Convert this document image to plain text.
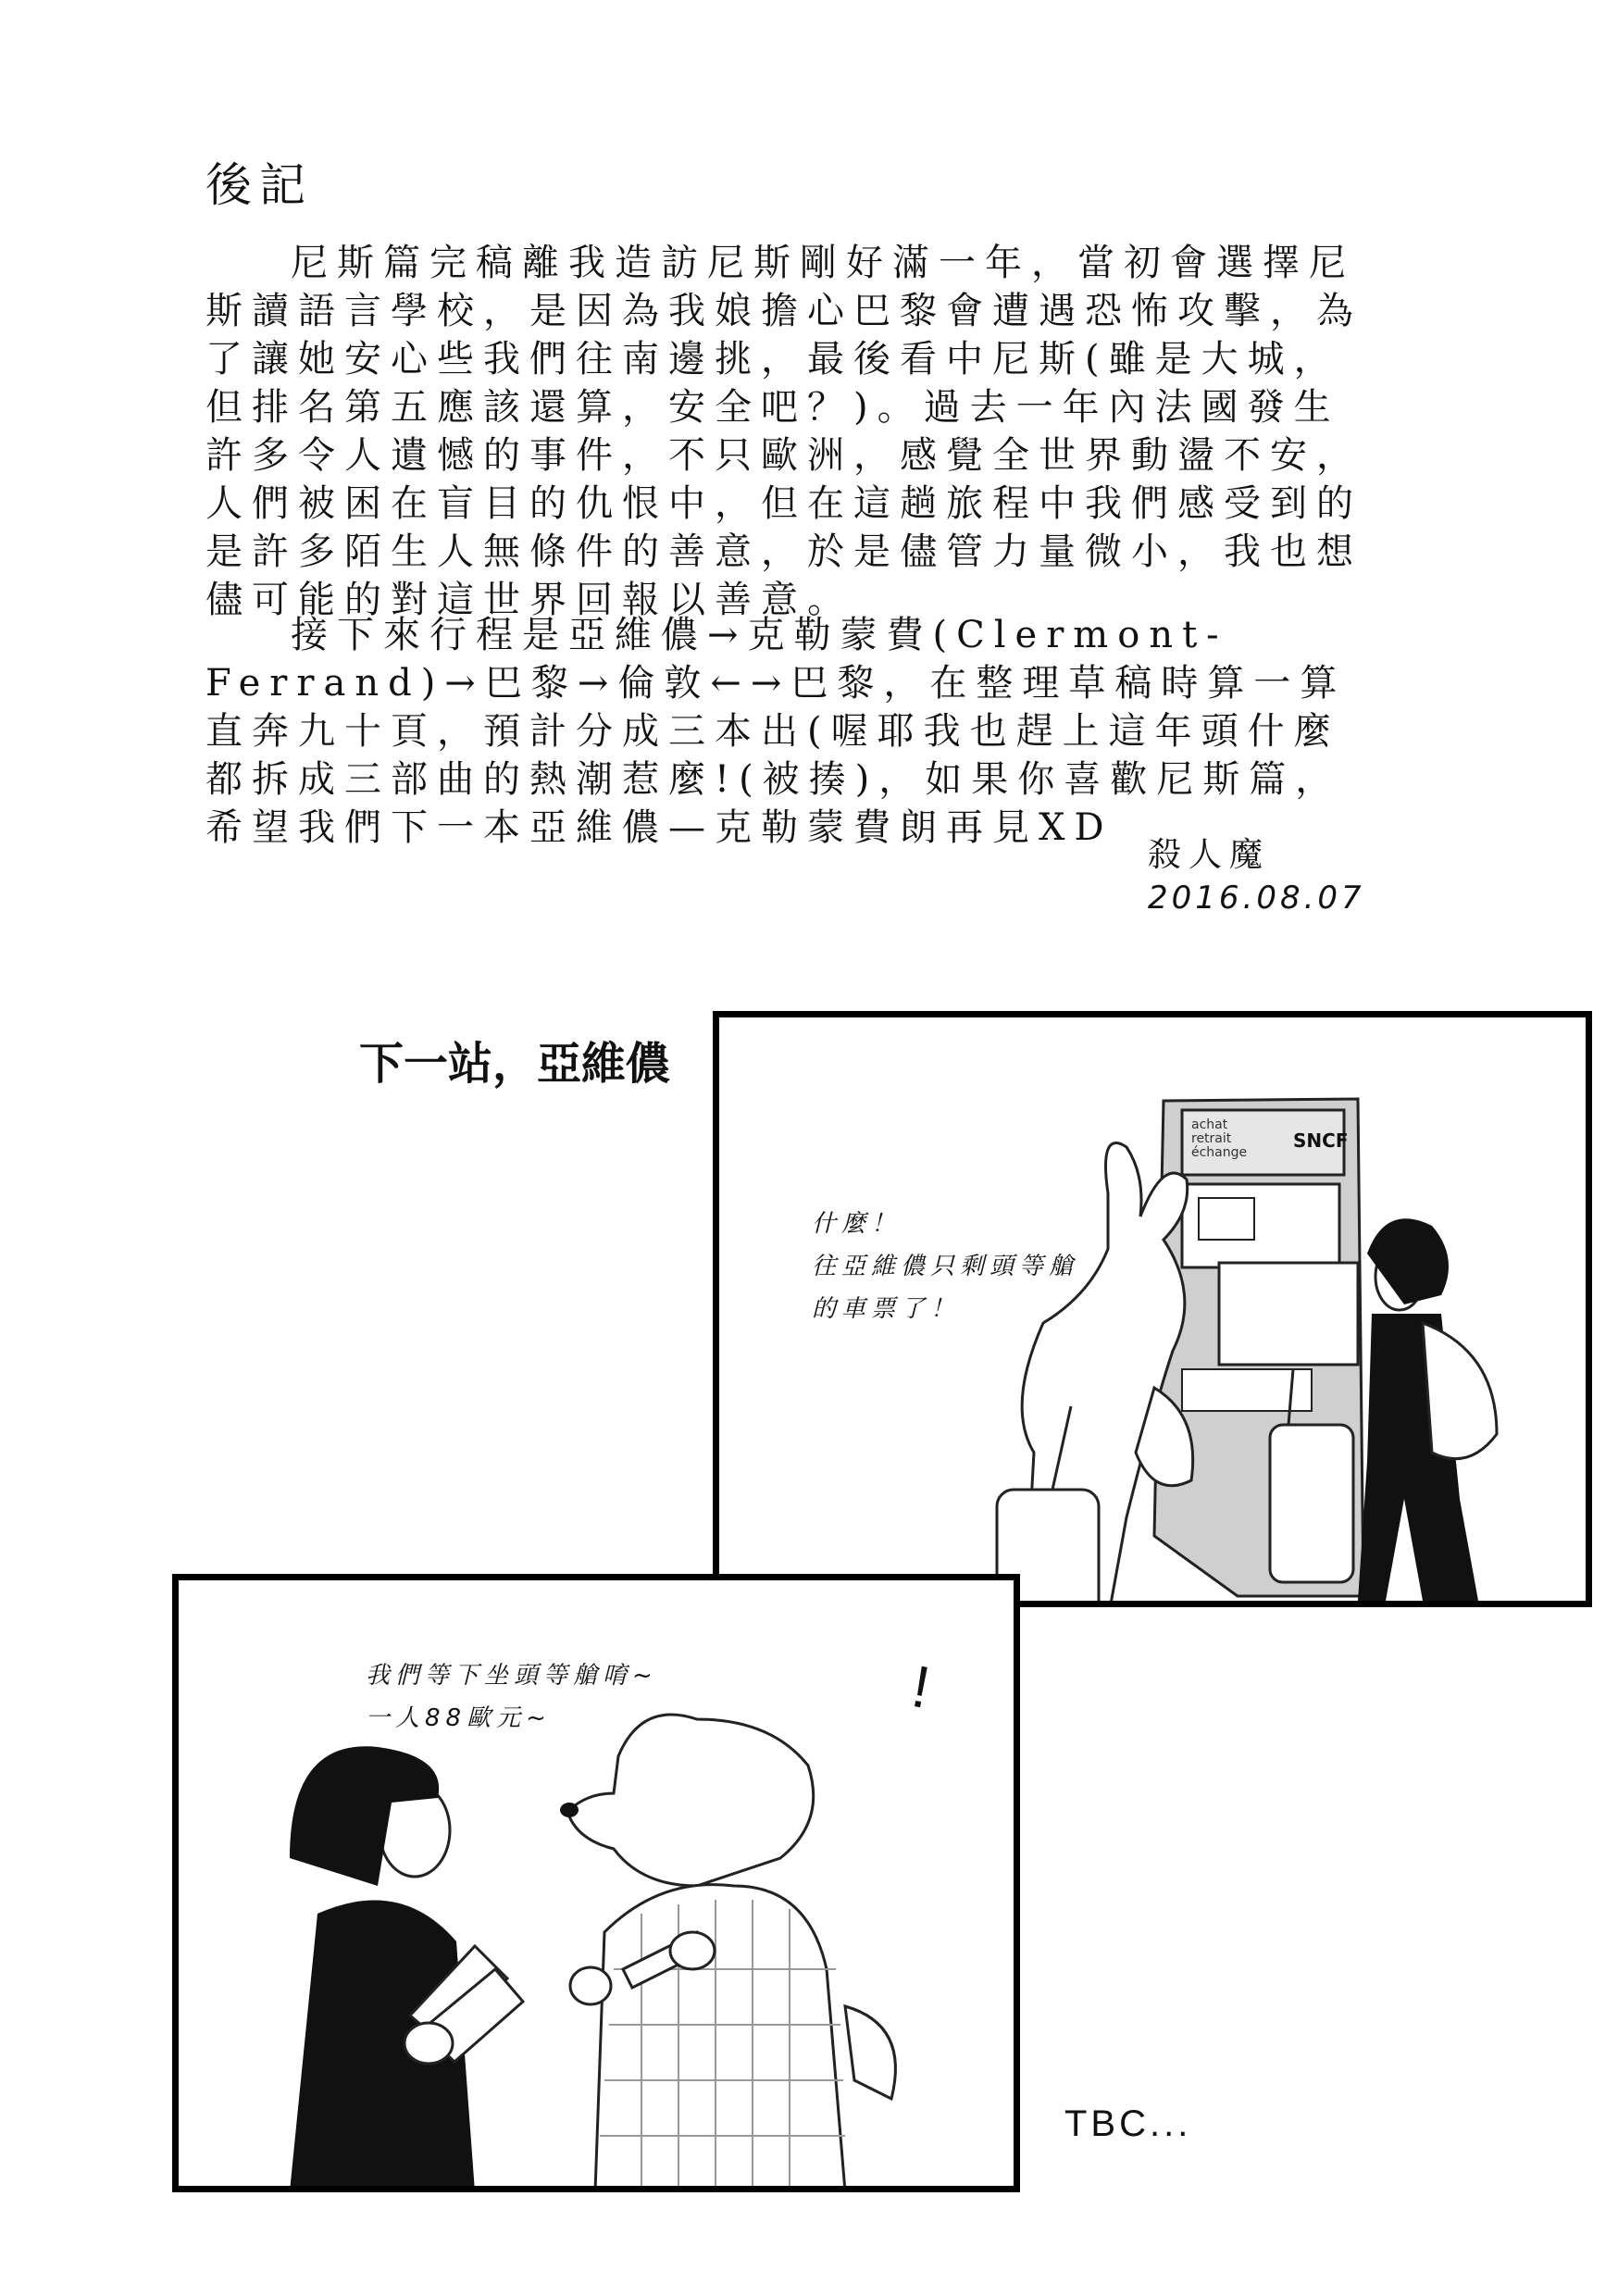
後記

尼斯篇完稿離我造訪尼斯剛好滿一年，當初會選擇尼斯讀語言學校，是因為我娘擔心巴黎會遭遇恐怖攻擊，為了讓她安心些我們往南邊挑，最後看中尼斯(雖是大城，但排名第五應該還算，安全吧？)。過去一年內法國發生許多令人遺憾的事件，不只歐洲，感覺全世界動盪不安，人們被困在盲目的仇恨中，但在這趟旅程中我們感受到的是許多陌生人無條件的善意，於是儘管力量微小，我也想儘可能的對這世界回報以善意。

接下來行程是亞維儂→克勒蒙費(Clermont-Ferrand)→巴黎→倫敦←→巴黎，在整理草稿時算一算直奔九十頁，預計分成三本出(喔耶我也趕上這年頭什麼都拆成三部曲的熱潮惹麼!(被揍)，如果你喜歡尼斯篇，希望我們下一本亞維儂—克勒蒙費朗再見XD

殺人魔
2016.08.07
下一站，亞維儂
achat
retrait
échange
SNCF
什麼！
往亞維儂只剩頭等艙
的車票了！
我們等下坐頭等艙唷~
一人88歐元~	!
TBC...
